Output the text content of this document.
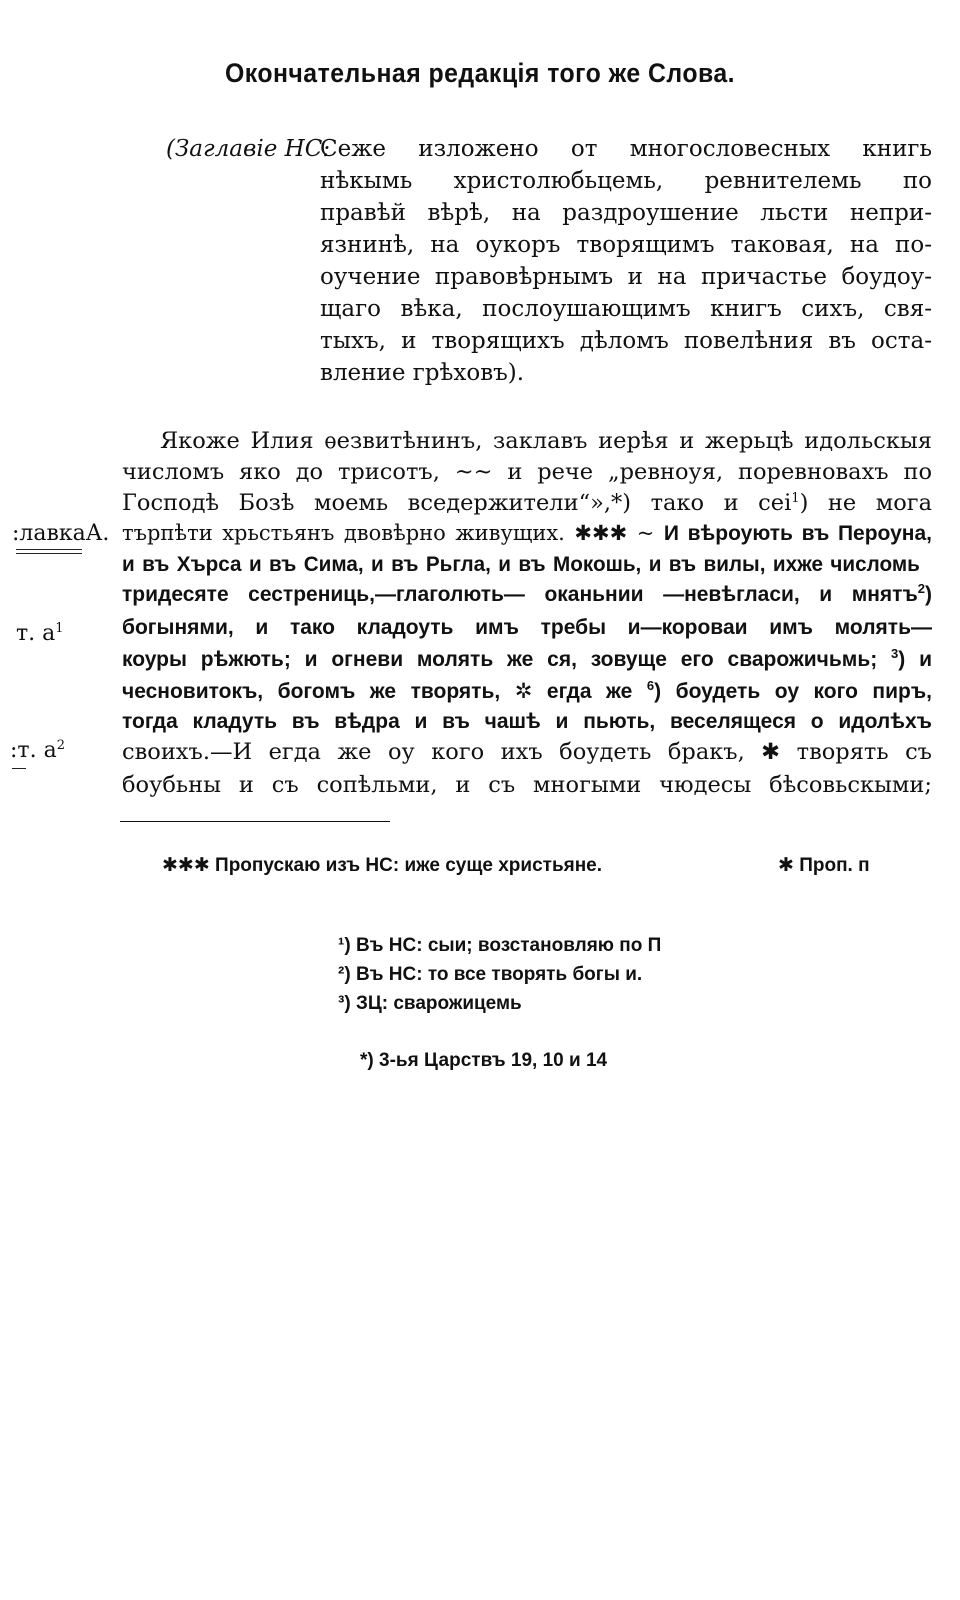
Окончательная редакція того же Слова.
(Заглавіе НС:
Сеже изложено от многословесных книгь
нѣкымь христолюбьцемь, ревнителемь по
правѣй вѣрѣ, на раздроушение льсти непри-
язнинѣ, на оукоръ творящимъ таковая, на по-
оучение правовѣрнымъ и на причастье боудоу-
щаго вѣка, послоушающимъ книгъ сихъ, свя-
тыхъ, и творящихъ дѣломъ повелѣния въ оста-
вление грѣховъ).
Якоже Илия ѳезвитѣнинъ, заклавъ иерѣя и жерьцѣ идольскыя
числомъ яко до трисотъ, ~~ и рече „ревноуя, поревновахъ по
Господѣ Бозѣ моемь вседержители“»,*) тако и сеі$^1$) не мога
търпѣти хрьстьянъ двовѣрно живущих. ✱✱✱ ~ И вѣроують въ Пероуна,
и въ Хърса и въ Сима, и въ Рьгла, и въ Мокошь, и въ вилы, ихже числомь
тридесяте сестрениць,—глаголють— оканьнии —невѣгласи, и мнятъ$^2$)
богынями, и тако кладоуть имъ требы и—короваи имъ молять—
коуры рѣжють; и огневи молять же ся, зовуще его сварожичьмь; $^3$) и
чесновитокъ, богомъ же творять, ✲ егда же $^6$) боудеть оу кого пиръ,
тогда кладуть въ вѣдра и въ чашѣ и пьють, веселящеся о идолѣхъ
своихъ.—И егда же оу кого ихъ боудеть бракъ, ✱ творять съ
боубьны и съ сопѣльми, и съ многыми чюдесы бѣсовьскыми;
:лавкаА.
т. $a^1$
:т. $a^2$
✱✱✱ Пропускаю изъ НС: иже суще христьяне.	✱ Проп. п
¹) Въ НС: сыи; возстановляю по П
²) Въ НС: то все творять богы и.
³) ЗЦ: сварожицемь
*) 3-ья Царствъ 19, 10 и 14
